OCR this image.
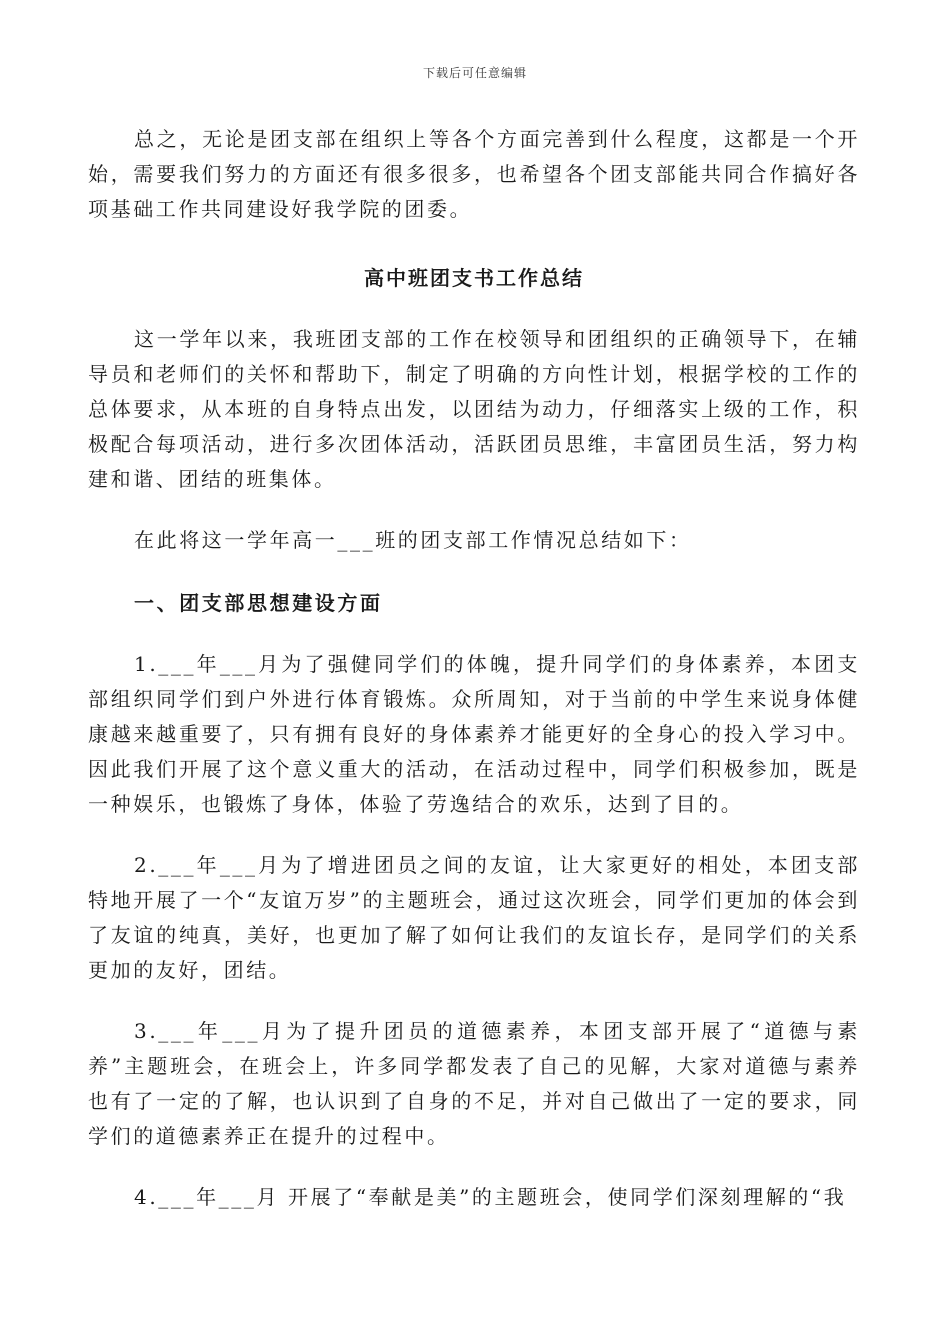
下载后可任意编辑

总之，无论是团支部在组织上等各个方面完善到什么程度，这都是一个开始，需要我们努力的方面还有很多很多，也希望各个团支部能共同合作搞好各项基础工作共同建设好我学院的团委。

高中班团支书工作总结

这一学年以来，我班团支部的工作在校领导和团组织的正确领导下，在辅导员和老师们的关怀和帮助下，制定了明确的方向性计划，根据学校的工作的总体要求，从本班的自身特点出发，以团结为动力，仔细落实上级的工作，积极配合每项活动，进行多次团体活动，活跃团员思维，丰富团员生活，努力构建和谐、团结的班集体。

在此将这一学年高一___班的团支部工作情况总结如下：

一、团支部思想建设方面

1.___年___月为了强健同学们的体魄，提升同学们的身体素养，本团支部组织同学们到户外进行体育锻炼。众所周知，对于当前的中学生来说身体健康越来越重要了，只有拥有良好的身体素养才能更好的全身心的投入学习中。因此我们开展了这个意义重大的活动，在活动过程中，同学们积极参加，既是一种娱乐，也锻炼了身体，体验了劳逸结合的欢乐，达到了目的。

2.___年___月为了增进团员之间的友谊，让大家更好的相处，本团支部特地开展了一个“友谊万岁”的主题班会，通过这次班会，同学们更加的体会到了友谊的纯真，美好，也更加了解了如何让我们的友谊长存，是同学们的关系更加的友好，团结。

3.___年___月为了提升团员的道德素养，本团支部开展了“道德与素养”主题班会，在班会上，许多同学都发表了自己的见解，大家对道德与素养也有了一定的了解，也认识到了自身的不足，并对自己做出了一定的要求，同学们的道德素养正在提升的过程中。

4.___年___月 开展了“奉献是美”的主题班会，使同学们深刻理解的“我
